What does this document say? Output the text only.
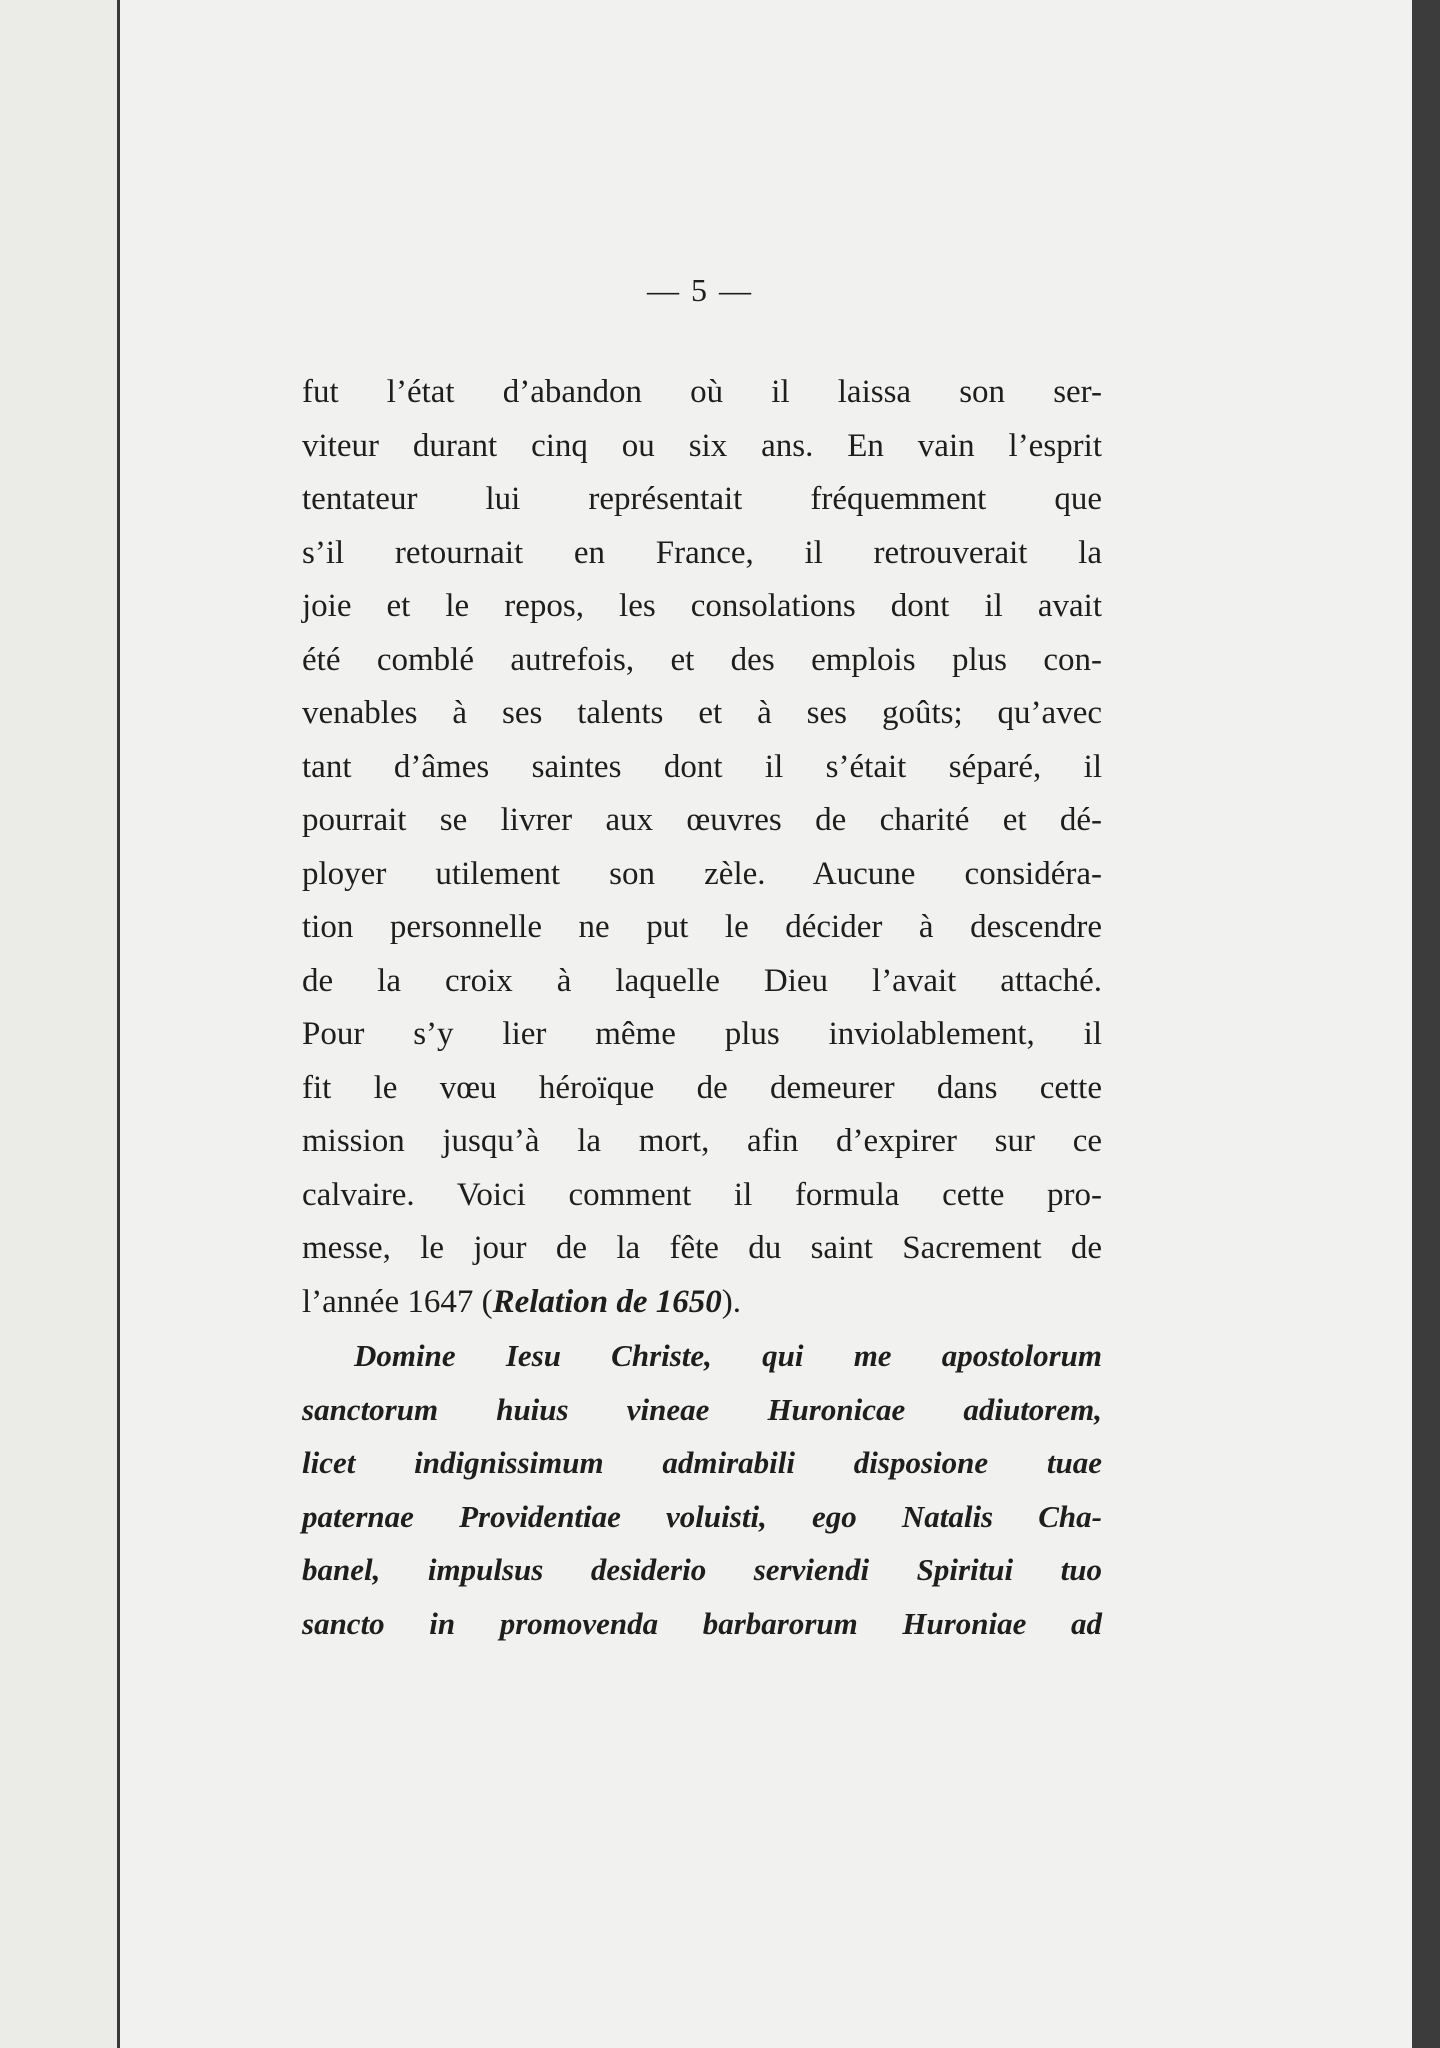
— 5 —
fut l’état d’abandon où il laissa son ser-
viteur durant cinq ou six ans. En vain l’esprit
tentateur lui représentait fréquemment que
s’il retournait en France, il retrouverait la
joie et le repos, les consolations dont il avait
été comblé autrefois, et des emplois plus con-
venables à ses talents et à ses goûts; qu’avec
tant d’âmes saintes dont il s’était séparé, il
pourrait se livrer aux œuvres de charité et dé-
ployer utilement son zèle. Aucune considéra-
tion personnelle ne put le décider à descendre
de la croix à laquelle Dieu l’avait attaché.
Pour s’y lier même plus inviolablement, il
fit le vœu héroïque de demeurer dans cette
mission jusqu’à la mort, afin d’expirer sur ce
calvaire. Voici comment il formula cette pro-
messe, le jour de la fête du saint Sacrement de
l’année 1647 (Relation de 1650).
Domine Iesu Christe, qui me apostolorum
sanctorum huius vineae Huronicae adiutorem,
licet indignissimum admirabili disposione tuae
paternae Providentiae voluisti, ego Natalis Cha-
banel, impulsus desiderio serviendi Spiritui tuo
sancto in promovenda barbarorum Huroniae ad
